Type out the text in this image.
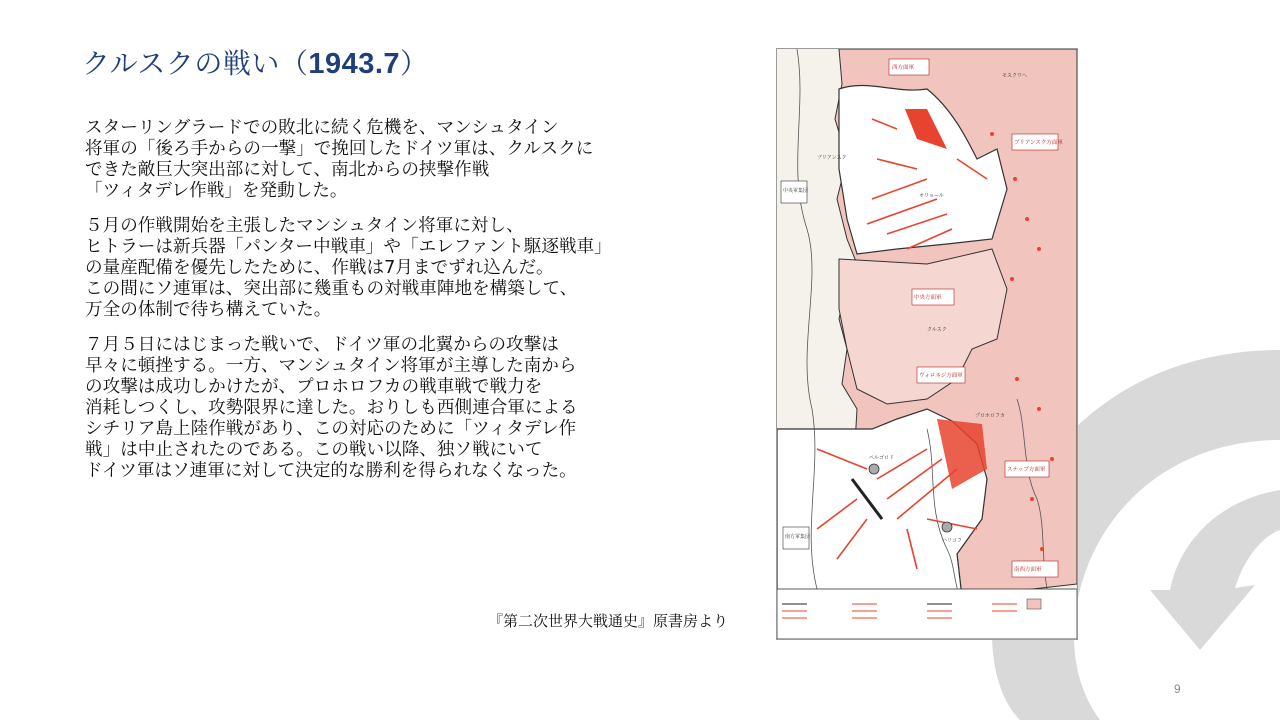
クルスクの戦い（1943.7）

スターリングラードでの敗北に続く危機を、マンシュタイン
将軍の「後ろ手からの一撃」で挽回したドイツ軍は、クルスクに
できた敵巨大突出部に対して、南北からの挟撃作戦
「ツィタデレ作戦」を発動した。

５月の作戦開始を主張したマンシュタイン将軍に対し、
ヒトラーは新兵器「パンター中戦車」や「エレファント駆逐戦車」
の量産配備を優先したために、作戦は7月までずれ込んだ。
この間にソ連軍は、突出部に幾重もの対戦車陣地を構築して、
万全の体制で待ち構えていた。

７月５日にはじまった戦いで、ドイツ軍の北翼からの攻撃は
早々に頓挫する。一方、マンシュタイン将軍が主導した南から
の攻撃は成功しかけたが、プロホロフカの戦車戦で戦力を
消耗しつくし、攻勢限界に達した。おりしも西側連合軍による
シチリア島上陸作戦があり、この対応のために「ツィタデレ作
戦」は中止されたのである。この戦い以降、独ソ戦にいて
ドイツ軍はソ連軍に対して決定的な勝利を得られなくなった。

『第二次世界大戦通史』原書房より
西方面軍
ブリアンスク方面軍
中央方面軍
ヴォロネジ方面軍
ステップ方面軍
南西方面軍
中央軍集団
南方軍集団
オリョール
クルスク
ベルゴロド
ハリコフ
プロホロフカ
ブリアンスク
モスクワへ
9
